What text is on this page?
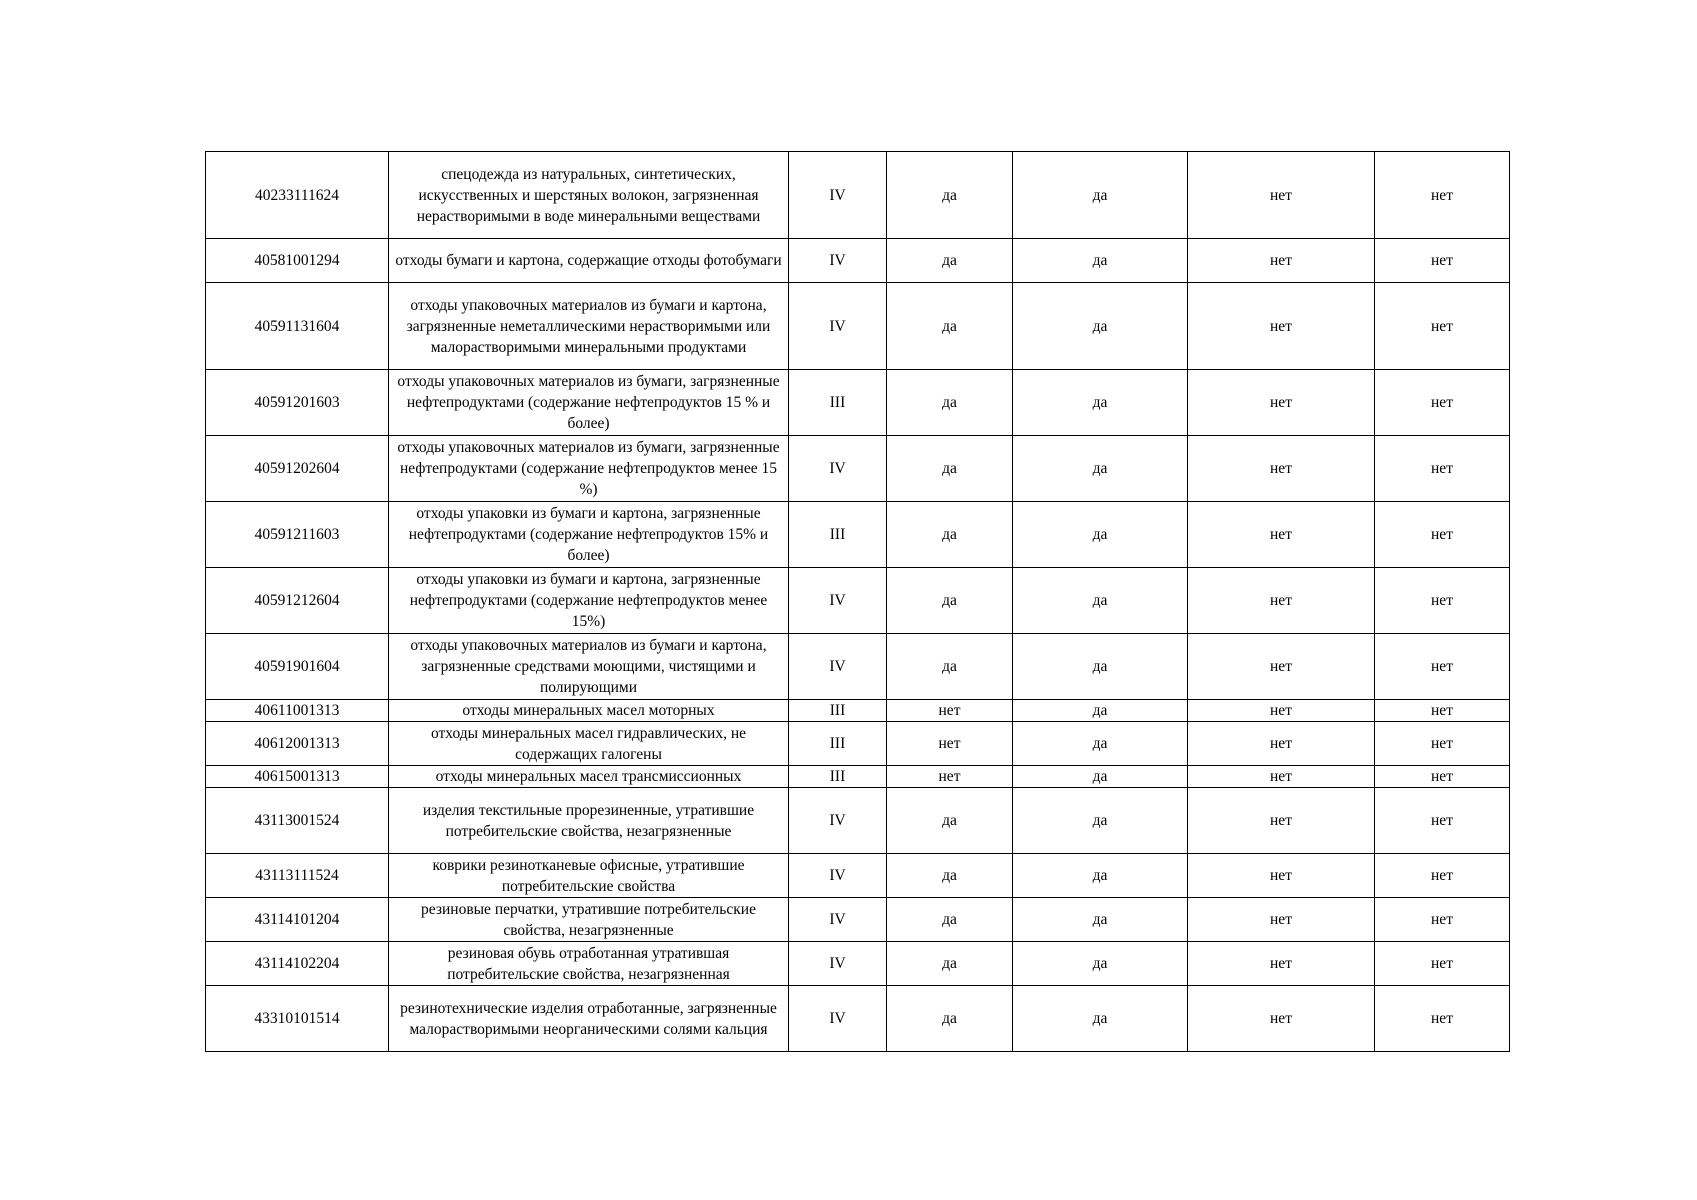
40233111624	спецодежда из натуральных, синтетических, искусственных и шерстяных волокон, загрязненная нерастворимыми в воде минеральными веществами	IV	да	да	нет	нет
40581001294	отходы бумаги и картона, содержащие отходы фотобумаги	IV	да	да	нет	нет
40591131604	отходы упаковочных материалов из бумаги и картона, загрязненные неметаллическими нерастворимыми или малорастворимыми минеральными продуктами	IV	да	да	нет	нет
40591201603	отходы упаковочных материалов из бумаги, загрязненные нефтепродуктами (содержание нефтепродуктов 15 % и более)	III	да	да	нет	нет
40591202604	отходы упаковочных материалов из бумаги, загрязненные нефтепродуктами (содержание нефтепродуктов менее 15 %)	IV	да	да	нет	нет
40591211603	отходы упаковки из бумаги и картона, загрязненные нефтепродуктами (содержание нефтепродуктов 15% и более)	III	да	да	нет	нет
40591212604	отходы упаковки из бумаги и картона, загрязненные нефтепродуктами (содержание нефтепродуктов менее 15%)	IV	да	да	нет	нет
40591901604	отходы упаковочных материалов из бумаги и картона, загрязненные средствами моющими, чистящими и полирующими	IV	да	да	нет	нет
40611001313	отходы минеральных масел моторных	III	нет	да	нет	нет
40612001313	отходы минеральных масел гидравлических, не содержащих галогены	III	нет	да	нет	нет
40615001313	отходы минеральных масел трансмиссионных	III	нет	да	нет	нет
43113001524	изделия текстильные прорезиненные, утратившие потребительские свойства, незагрязненные	IV	да	да	нет	нет
43113111524	коврики резинотканевые офисные, утратившие потребительские свойства	IV	да	да	нет	нет
43114101204	резиновые перчатки, утратившие потребительские свойства, незагрязненные	IV	да	да	нет	нет
43114102204	резиновая обувь отработанная утратившая потребительские свойства, незагрязненная	IV	да	да	нет	нет
43310101514	резинотехнические изделия отработанные, загрязненные малорастворимыми неорганическими солями кальция	IV	да	да	нет	нет
